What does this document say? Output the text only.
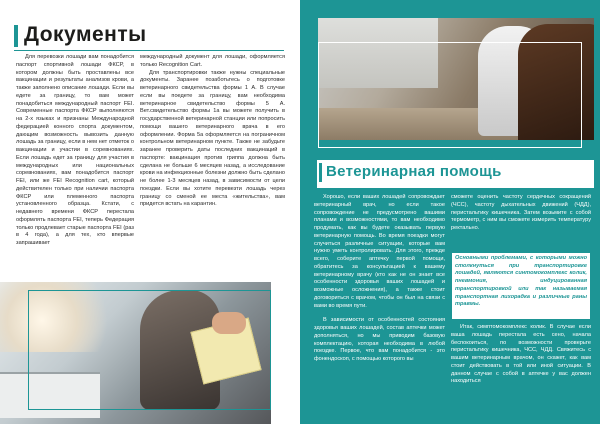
Документы

Для перевозки лошади вам понадобится паспорт спортивной лошади ФКСР, в котором должны быть проставлены все вакцинации и результаты анализов крови, а также заполнено описание лошади. Если вы едете за границу, то вам может понадобиться международный паспорт FEI. Современные паспорта ФКСР выполняются на 2-х языках и признаны Международной федерацией конного спорта документом, дающим возможность вывозить данную лошадь за границу, если в нем нет отметок о вакцинации и участии в соревнованиях. Если лошадь едет за границу для участия в международных или национальных соревнованиях, вам понадобится паспорт FEI, или же FEI Recognition cart, который действителен только при наличии паспорта ФКСР или племенного паспорта установленного образца. Кстати, с недавнего времени ФКСР перестала оформлять паспорта FEI, теперь Федерация только продлевает старые паспорта FEI (раз в 4 года), а для тех, кто впервые запрашивает

международный документ для лошади, оформляется только Recognition Cart.

Для транспортировки также нужны специальные документы. Заранее позаботьтесь о подготовке ветеринарного свидетельства формы 1 А. В случае если вы поедете за границу, вам необходима ветеринарное свидетельство формы 5 А. Вет.свидетельство формы 1а вы можете получить в государственной ветеринарной станции или попросить помощи вашего ветеринарного врача в его оформлении. Форма 5а оформляется на пограничном контрольном ветеринарном пункте. Также не забудьте заранее проверить даты последних вакцинаций в паспорте: вакцинация против гриппа должна быть сделана не больше 6 месяцев назад, а исследование крови на инфекционные болезни должно быть сделано не более 1-3 месяцев назад, в зависимости от цели поездки. Если вы хотите перевезти лошадь через границу со сменой ее места «жительства», вам придется встать на карантин.

Ветеринарная помощь

Хорошо, если ваших лошадей сопровождает ветеринарный врач, но если такое сопровождение не предусмотрено вашими планами и возможностями, то вам необходимо продумать, как вы будете оказывать первую ветеринарную помощь. Во время поездки могут случиться различные ситуации, которые вам нужно уметь контролировать. Для этого, прежде всего, соберите аптечку первой помощи, обратитесь за консультацией к вашему ветеринарному врачу (кто как не он знает все особенности здоровья ваших лошадей и возможные осложнения), а также стоит договориться с врачом, чтобы он был на связи с вами во время пути.

В зависимости от особенностей состояния здоровья ваших лошадей, состав аптечки может дополняться, но мы приводим базовую комплектацию, которая необходима в любой поездке. Первое, что вам понадобится - это фонендоскоп, с помощью которого вы

сможете оценить частоту сердечных сокращений (ЧСС), частоту дыхательных движений (ЧДД), перистальтику кишечника. Затем возьмите с собой термометр, с ним вы сможете измерить температуру ректально.

Основными проблемами, с которыми можно столкнуться при транспортировке лошадей, являются синтомокомплекс колик, пневмония, индуцированная транспортировкой или так называемая транспортная лихорадка и различные раны травмы.

Итак, симптомокомплекс колик. В случае если ваша лошадь перестала есть сено, начала беспокоиться, по возможности проверьте перистальтику кишечника, ЧСС, ЧДД. Свяжитесь с вашим ветеринарным врачом, он скажет, как вам стоит действовать в той или иной ситуации. В данном случае с собой в аптечке у вас должен находиться
